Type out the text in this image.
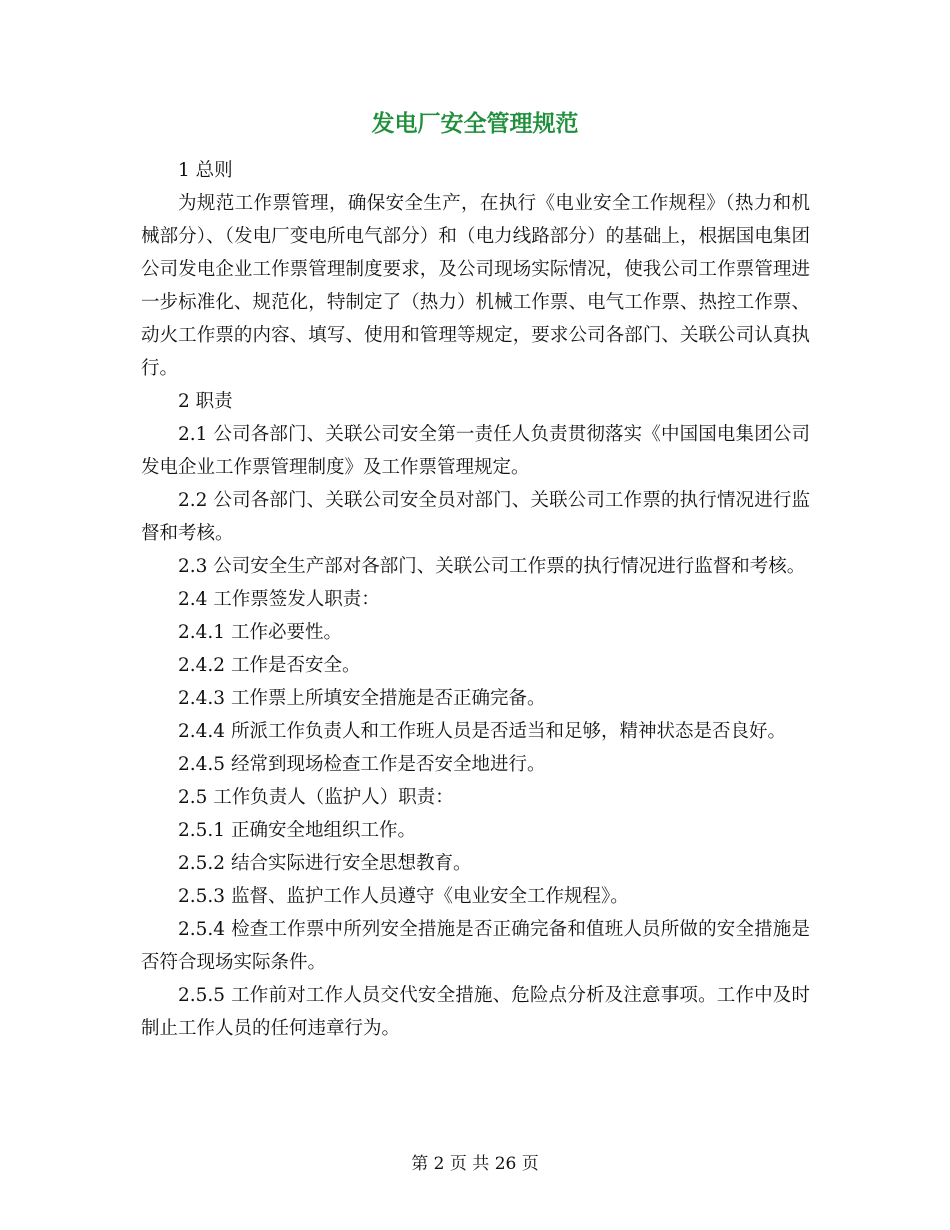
发电厂安全管理规范

1 总则

为规范工作票管理，确保安全生产，在执行《电业安全工作规程》（热力和机械部分）、（发电厂变电所电气部分）和（电力线路部分）的基础上，根据国电集团公司发电企业工作票管理制度要求，及公司现场实际情况，使我公司工作票管理进一步标准化、规范化，特制定了（热力）机械工作票、电气工作票、热控工作票、动火工作票的内容、填写、使用和管理等规定，要求公司各部门、关联公司认真执行。

2 职责

2.1 公司各部门、关联公司安全第一责任人负责贯彻落实《中国国电集团公司发电企业工作票管理制度》及工作票管理规定。

2.2 公司各部门、关联公司安全员对部门、关联公司工作票的执行情况进行监督和考核。

2.3 公司安全生产部对各部门、关联公司工作票的执行情况进行监督和考核。

2.4 工作票签发人职责：

2.4.1 工作必要性。

2.4.2 工作是否安全。

2.4.3 工作票上所填安全措施是否正确完备。

2.4.4 所派工作负责人和工作班人员是否适当和足够，精神状态是否良好。

2.4.5 经常到现场检查工作是否安全地进行。

2.5 工作负责人（监护人）职责：

2.5.1 正确安全地组织工作。

2.5.2 结合实际进行安全思想教育。

2.5.3 监督、监护工作人员遵守《电业安全工作规程》。

2.5.4 检查工作票中所列安全措施是否正确完备和值班人员所做的安全措施是否符合现场实际条件。

2.5.5 工作前对工作人员交代安全措施、危险点分析及注意事项。工作中及时制止工作人员的任何违章行为。

第 2 页 共 26 页
